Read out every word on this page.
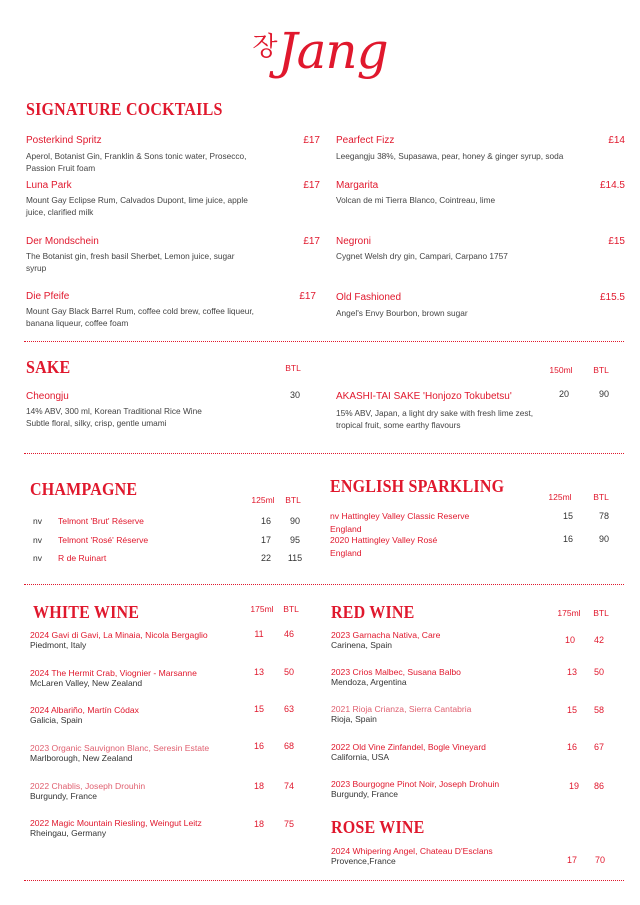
장Jang
SIGNATURE COCKTAILS
Posterkind Spritz	£17
Aperol, Botanist Gin, Franklin & Sons tonic water, Prosecco, Passion Fruit foam
Luna Park	£17
Mount Gay Eclipse Rum, Calvados Dupont, lime juice, apple juice, clarified milk
Der Mondschein	£17
The Botanist gin, fresh basil Sherbet, Lemon juice, sugar syrup
Die Pfeife	£17
Mount Gay Black Barrel Rum, coffee cold brew, coffee liqueur, banana liqueur, coffee foam
Pearfect Fizz	£14
Leegangju 38%, Supasawa, pear, honey & ginger syrup, soda
Margarita	£14.5
Volcan de mi Tierra Blanco, Cointreau, lime
Negroni	£15
Cygnet Welsh dry gin, Campari, Carpano 1757
Old Fashioned	£15.5
Angel's Envy Bourbon, brown sugar
SAKE	BTL
Cheongju	30
14% ABV, 300 ml, Korean Traditional Rice Wine
Subtle floral, silky, crisp, gentle umami
150ml	BTL
AKASHI-TAI SAKE 'Honjozo Tokubetsu'	20	90
15% ABV, Japan, a light dry sake with fresh lime zest,
tropical fruit, some earthy flavours
CHAMPAGNE
125ml	BTL
nv Telmont 'Brut' Réserve	16	90
nv Telmont 'Rosé' Réserve	17	95
nv R de Ruinart	22	115
ENGLISH SPARKLING
125ml	BTL
nv Hattingley Valley Classic Reserve
England
15	78
2020 Hattingley Valley Rosé
England
16	90
WHITE WINE	175ml	BTL
2024 Gavi di Gavi, La Minaia, Nicola Bergaglio
Piedmont, Italy
11	46
2024 The Hermit Crab, Viognier - Marsanne
McLaren Valley, New Zealand
13	50
2024 Albariño, Martín Códax
Galicia, Spain
15	63
2023 Organic Sauvignon Blanc, Seresin Estate
Marlborough, New Zealand
16	68
2022 Chablis, Joseph Drouhin
Burgundy, France
18	74
2022 Magic Mountain Riesling, Weingut Leitz
Rheingau, Germany
18	75
RED WINE	175ml	BTL
2023 Garnacha Nativa, Care
Carinena, Spain	10	42
2023 Crios Malbec, Susana Balbo
Mendoza, Argentina
13	50
2021 Rioja Crianza, Sierra Cantabria
Rioja, Spain
15	58
2022 Old Vine Zinfandel, Bogle Vineyard
California, USA
16	67
2023 Bourgogne Pinot Noir, Joseph Drohuin
Burgundy, France
19	86
ROSE WINE
2024 Whipering Angel, Chateau D'Esclans
Provence,France	17	70
